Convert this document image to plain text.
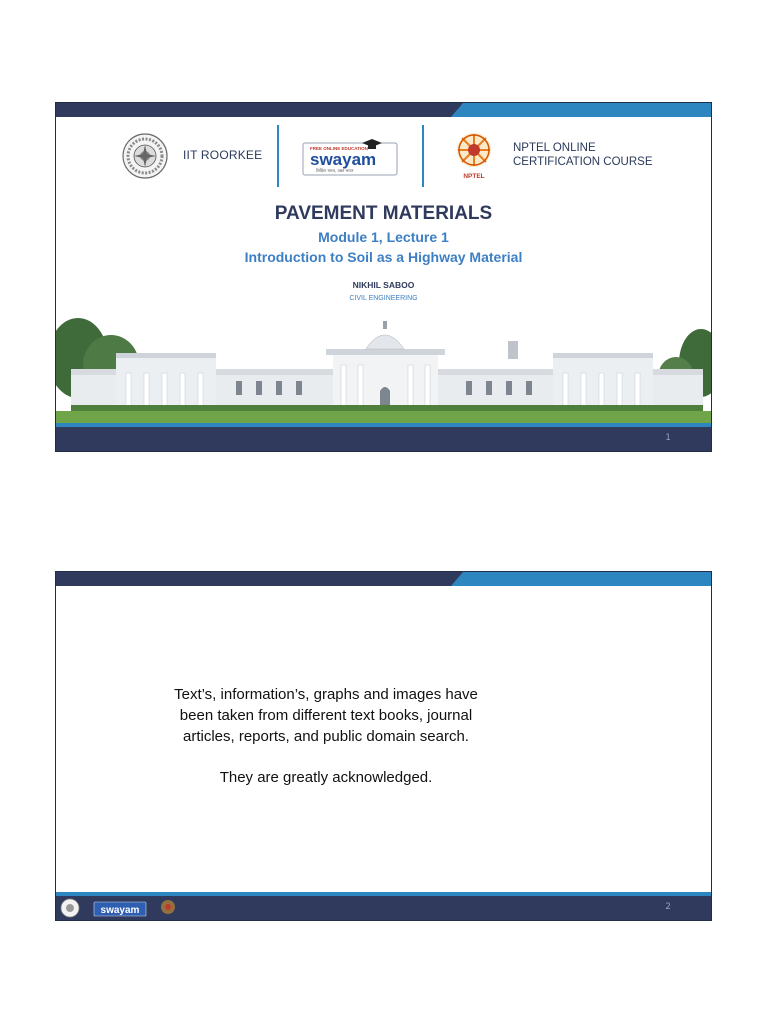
IIT ROORKEE	FREE ONLINE EDUCATION
swayam
शिक्षित भारत, उन्नत भारत
NPTEL
NPTEL ONLINE
CERTIFICATION COURSE
PAVEMENT MATERIALS
Module 1, Lecture 1
Introduction to Soil as a Highway Material
NIKHIL SABOO
CIVIL ENGINEERING
1
Text’s, information’s, graphs and images have
been taken from different text books, journal
articles, reports, and public domain search.
They are greatly acknowledged.
swayam	2
